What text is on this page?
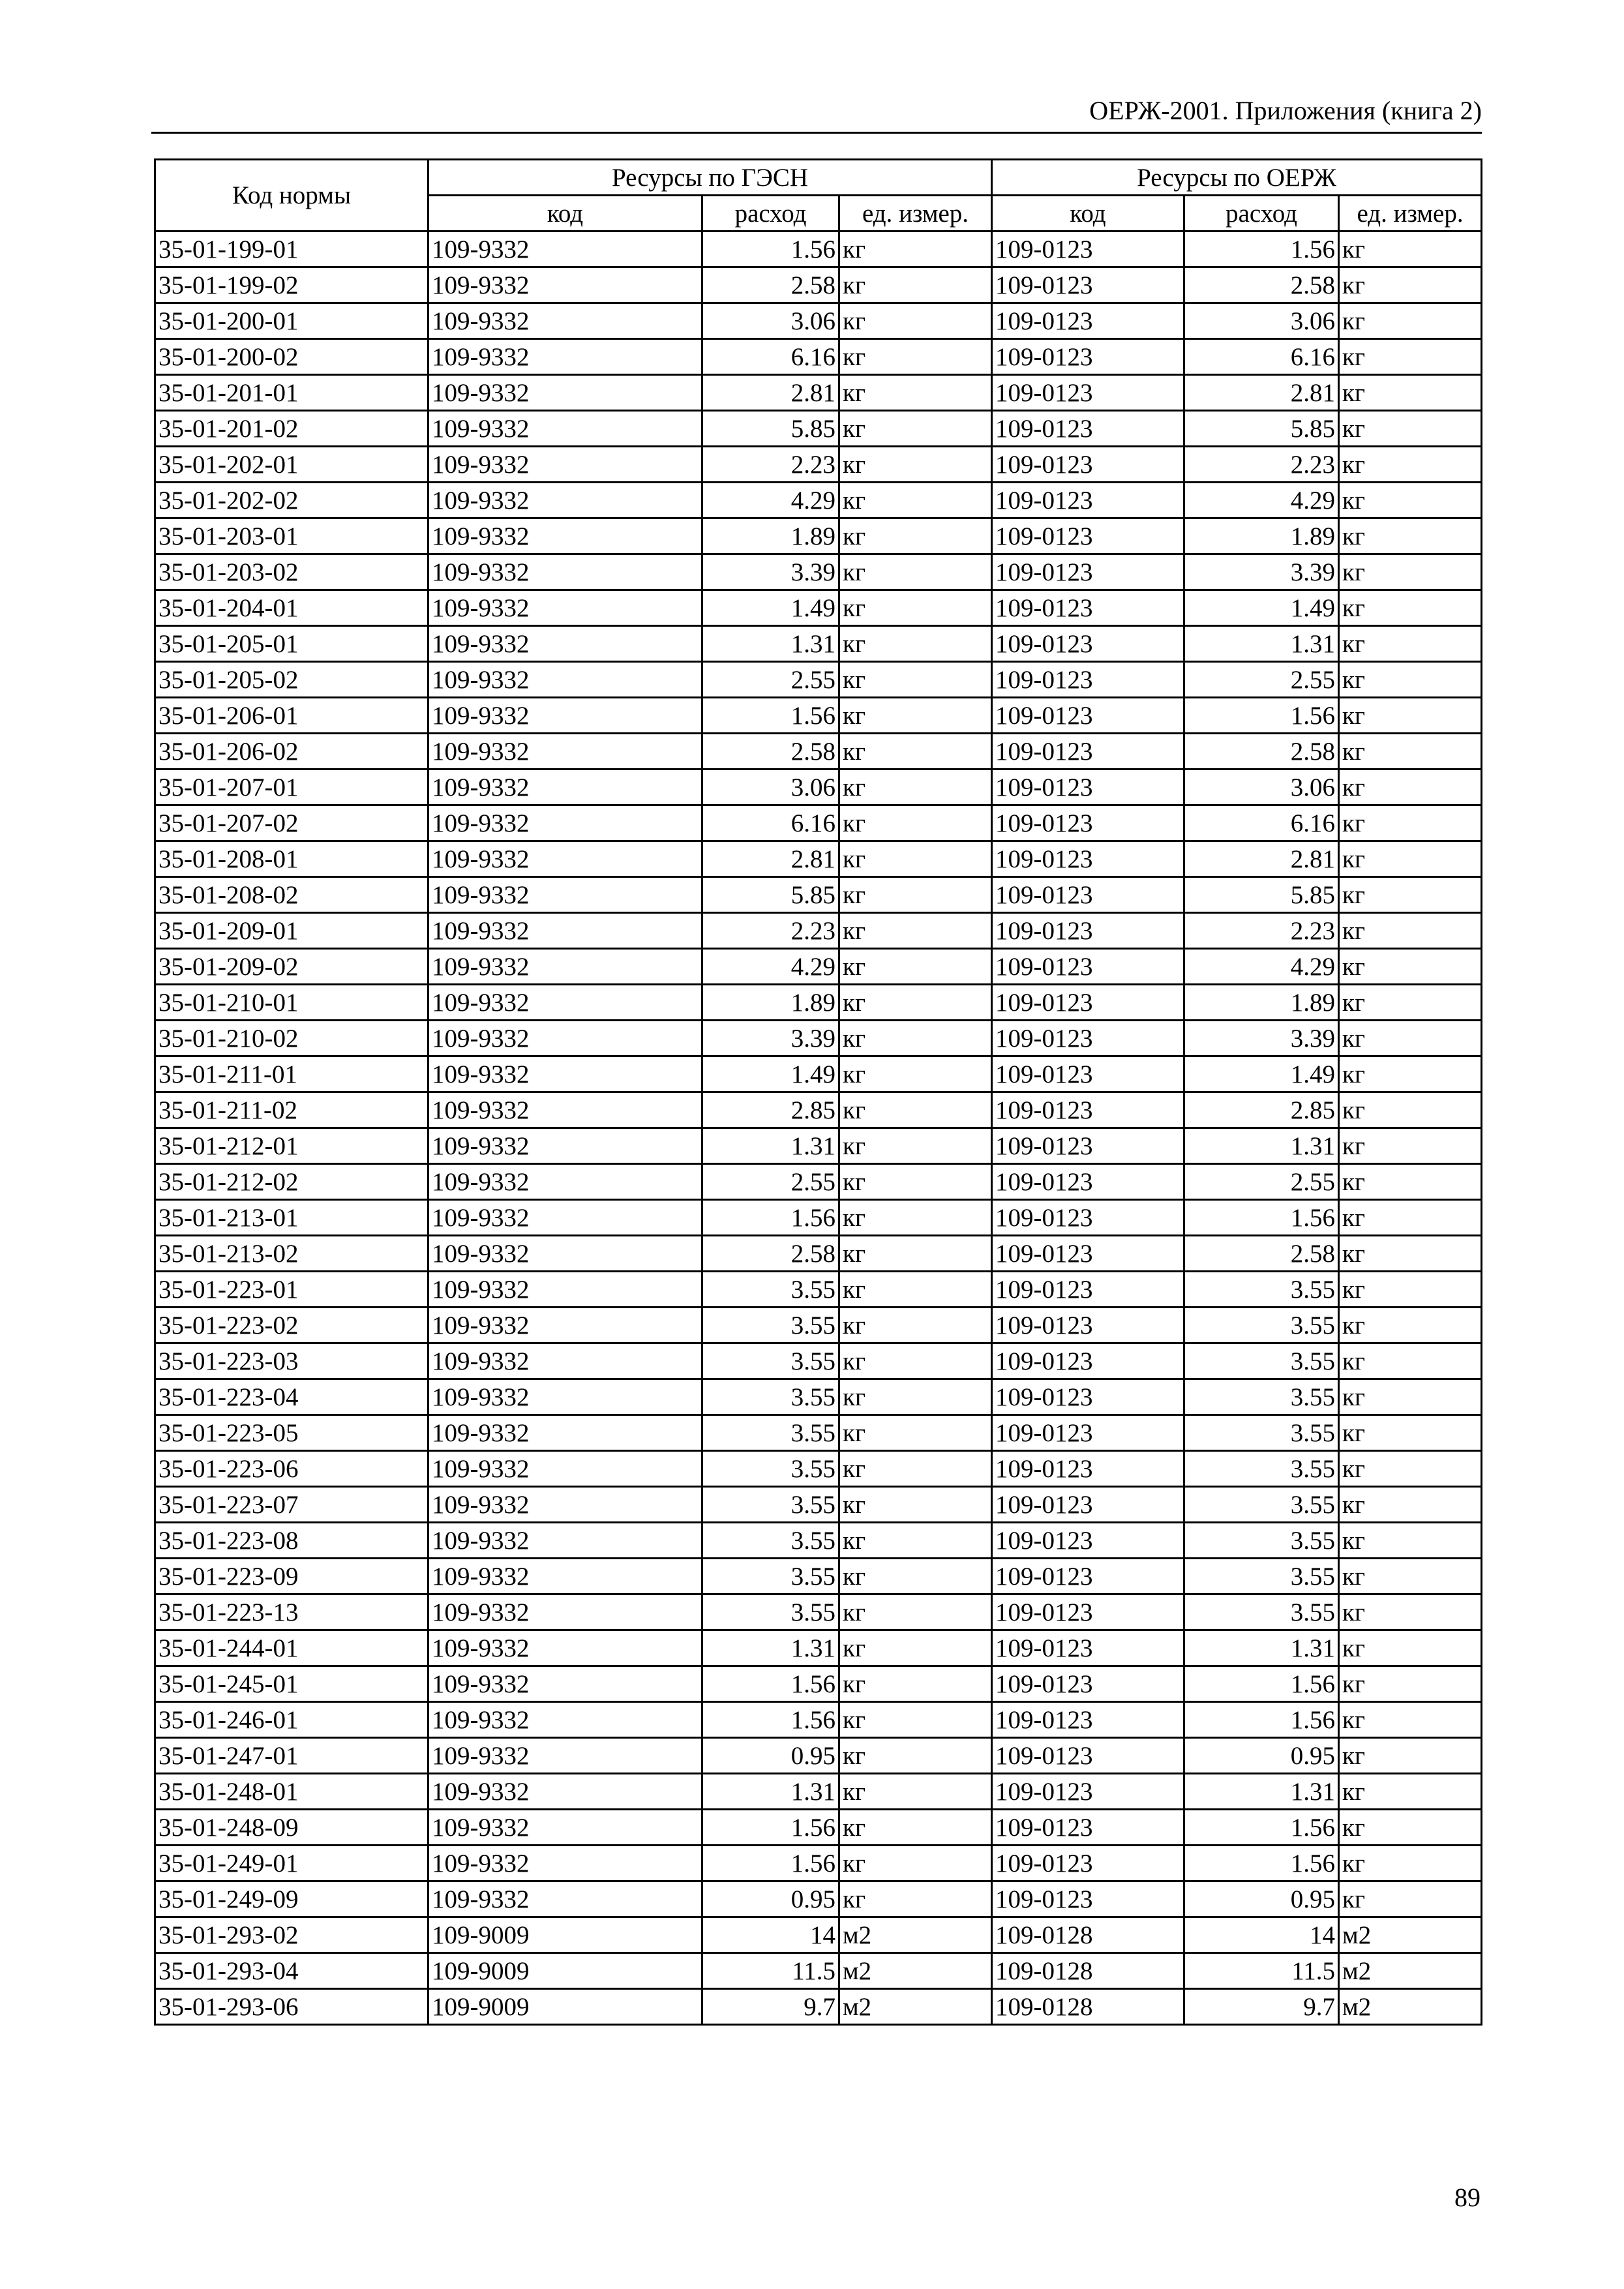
ОЕРЖ-2001. Приложения (книга 2)
Код нормы	Ресурсы по ГЭСН			Ресурсы по ОЕРЖ		
	код	расход	ед. измер.	код	расход	ед. измер.
35-01-199-01	109-9332	1.56	кг	109-0123	1.56	кг
35-01-199-02	109-9332	2.58	кг	109-0123	2.58	кг
35-01-200-01	109-9332	3.06	кг	109-0123	3.06	кг
35-01-200-02	109-9332	6.16	кг	109-0123	6.16	кг
35-01-201-01	109-9332	2.81	кг	109-0123	2.81	кг
35-01-201-02	109-9332	5.85	кг	109-0123	5.85	кг
35-01-202-01	109-9332	2.23	кг	109-0123	2.23	кг
35-01-202-02	109-9332	4.29	кг	109-0123	4.29	кг
35-01-203-01	109-9332	1.89	кг	109-0123	1.89	кг
35-01-203-02	109-9332	3.39	кг	109-0123	3.39	кг
35-01-204-01	109-9332	1.49	кг	109-0123	1.49	кг
35-01-205-01	109-9332	1.31	кг	109-0123	1.31	кг
35-01-205-02	109-9332	2.55	кг	109-0123	2.55	кг
35-01-206-01	109-9332	1.56	кг	109-0123	1.56	кг
35-01-206-02	109-9332	2.58	кг	109-0123	2.58	кг
35-01-207-01	109-9332	3.06	кг	109-0123	3.06	кг
35-01-207-02	109-9332	6.16	кг	109-0123	6.16	кг
35-01-208-01	109-9332	2.81	кг	109-0123	2.81	кг
35-01-208-02	109-9332	5.85	кг	109-0123	5.85	кг
35-01-209-01	109-9332	2.23	кг	109-0123	2.23	кг
35-01-209-02	109-9332	4.29	кг	109-0123	4.29	кг
35-01-210-01	109-9332	1.89	кг	109-0123	1.89	кг
35-01-210-02	109-9332	3.39	кг	109-0123	3.39	кг
35-01-211-01	109-9332	1.49	кг	109-0123	1.49	кг
35-01-211-02	109-9332	2.85	кг	109-0123	2.85	кг
35-01-212-01	109-9332	1.31	кг	109-0123	1.31	кг
35-01-212-02	109-9332	2.55	кг	109-0123	2.55	кг
35-01-213-01	109-9332	1.56	кг	109-0123	1.56	кг
35-01-213-02	109-9332	2.58	кг	109-0123	2.58	кг
35-01-223-01	109-9332	3.55	кг	109-0123	3.55	кг
35-01-223-02	109-9332	3.55	кг	109-0123	3.55	кг
35-01-223-03	109-9332	3.55	кг	109-0123	3.55	кг
35-01-223-04	109-9332	3.55	кг	109-0123	3.55	кг
35-01-223-05	109-9332	3.55	кг	109-0123	3.55	кг
35-01-223-06	109-9332	3.55	кг	109-0123	3.55	кг
35-01-223-07	109-9332	3.55	кг	109-0123	3.55	кг
35-01-223-08	109-9332	3.55	кг	109-0123	3.55	кг
35-01-223-09	109-9332	3.55	кг	109-0123	3.55	кг
35-01-223-13	109-9332	3.55	кг	109-0123	3.55	кг
35-01-244-01	109-9332	1.31	кг	109-0123	1.31	кг
35-01-245-01	109-9332	1.56	кг	109-0123	1.56	кг
35-01-246-01	109-9332	1.56	кг	109-0123	1.56	кг
35-01-247-01	109-9332	0.95	кг	109-0123	0.95	кг
35-01-248-01	109-9332	1.31	кг	109-0123	1.31	кг
35-01-248-09	109-9332	1.56	кг	109-0123	1.56	кг
35-01-249-01	109-9332	1.56	кг	109-0123	1.56	кг
35-01-249-09	109-9332	0.95	кг	109-0123	0.95	кг
35-01-293-02	109-9009	14	м2	109-0128	14	м2
35-01-293-04	109-9009	11.5	м2	109-0128	11.5	м2
35-01-293-06	109-9009	9.7	м2	109-0128	9.7	м2
89
